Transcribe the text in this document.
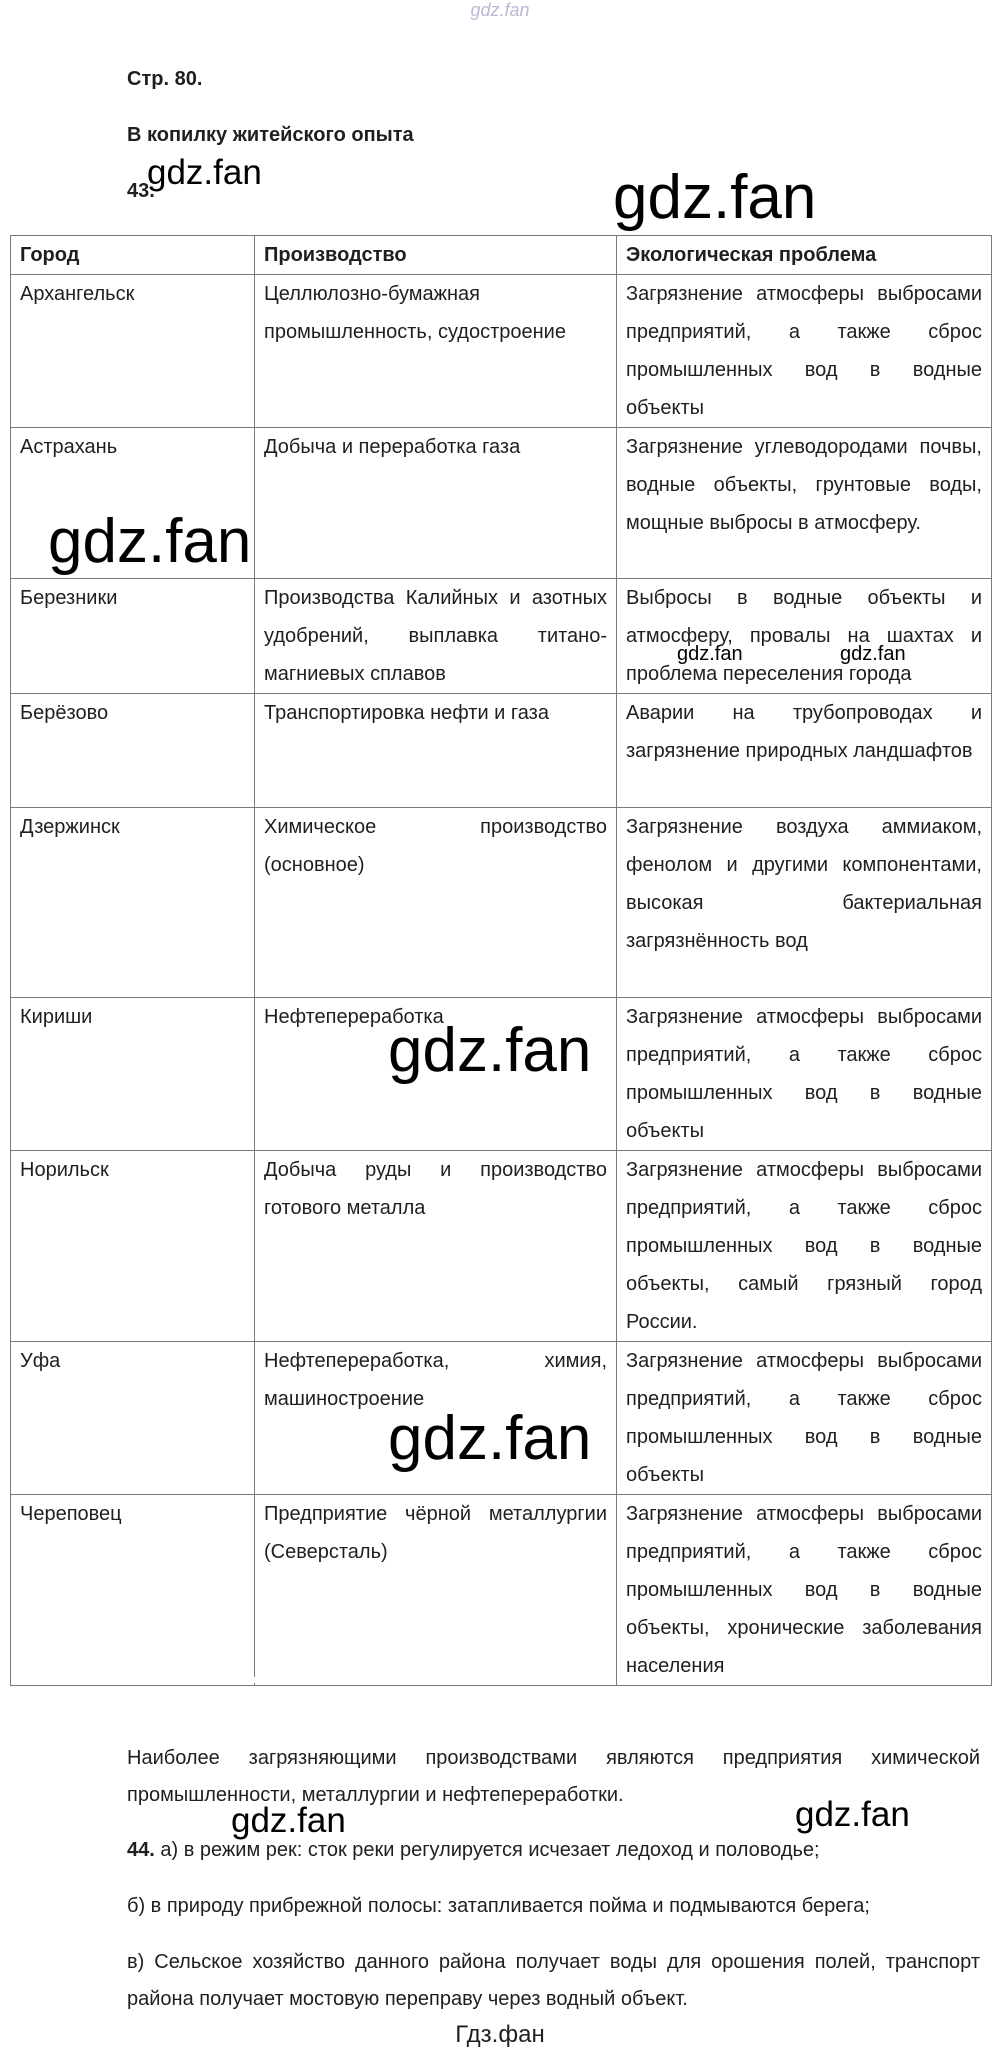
gdz.fan
Стр. 80.
В копилку житейского опыта
43.
Город	Производство	Экологическая проблема
Архангельск	Целлюлозно-бумажная промышленность, судостроение	Загрязнение атмосферы выбросами предприятий, а также сброс промышленных вод в водные объекты
Астрахань	Добыча и переработка газа	Загрязнение углеводородами почвы, водные объекты, грунтовые воды, мощные выбросы в атмосферу.
Березники	Производства Калийных и азотных удобрений, выплавка титано-магниевых сплавов	Выбросы в водные объекты и атмосферу, провалы на шахтах и проблема переселения города
Берёзово	Транспортировка нефти и газа	Аварии на трубопроводах и загрязнение природных ландшафтов
Дзержинск	Химическое производство (основное)	Загрязнение воздуха аммиаком, фенолом и другими компонентами, высокая бактериальная загрязнённость вод
Кириши	Нефтепереработка	Загрязнение атмосферы выбросами предприятий, а также сброс промышленных вод в водные объекты
Норильск	Добыча руды и производство готового металла	Загрязнение атмосферы выбросами предприятий, а также сброс промышленных вод в водные объекты, самый грязный город России.
Уфа	Нефтепереработка, химия, машиностроение	Загрязнение атмосферы выбросами предприятий, а также сброс промышленных вод в водные объекты
Череповец	Предприятие чёрной металлургии (Северсталь)	Загрязнение атмосферы выбросами предприятий, а также сброс промышленных вод в водные объекты, хронические заболевания населения
Наиболее загрязняющими производствами являются предприятия химической промышленности, металлургии и нефтепереработки.
44. а) в режим рек: сток реки регулируется исчезает ледоход и половодье;
б) в природу прибрежной полосы: затапливается пойма и подмываются берега;
в) Сельское хозяйство данного района получает воды для орошения полей, транспорт района получает мостовую переправу через водный объект.
Гдз.фан
gdz.fan	gdz.fan
gdz.fan
gdz.fan	gdz.fan
gdz.fan
gdz.fan
gdz.fan	gdz.fan
